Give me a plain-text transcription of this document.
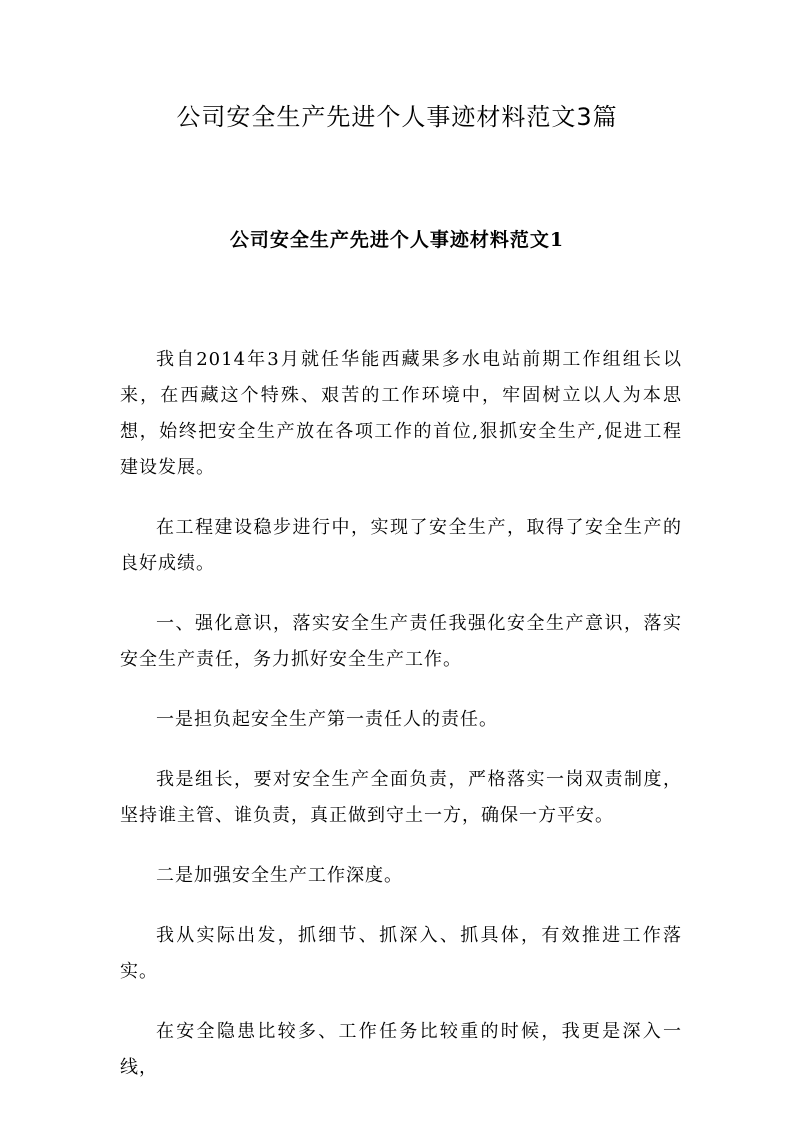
公司安全生产先进个人事迹材料范文3篇
公司安全生产先进个人事迹材料范文1

我自2014年3月就任华能西藏果多水电站前期工作组组长以来，在西藏这个特殊、艰苦的工作环境中，牢固树立以人为本思想，始终把安全生产放在各项工作的首位,狠抓安全生产,促进工程建设发展。

在工程建设稳步进行中，实现了安全生产，取得了安全生产的良好成绩。

一、强化意识，落实安全生产责任我强化安全生产意识，落实安全生产责任，务力抓好安全生产工作。

一是担负起安全生产第一责任人的责任。

我是组长，要对安全生产全面负责，严格落实一岗双责制度，坚持谁主管、谁负责，真正做到守土一方，确保一方平安。

二是加强安全生产工作深度。

我从实际出发，抓细节、抓深入、抓具体，有效推进工作落实。

在安全隐患比较多、工作任务比较重的时候，我更是深入一线，
